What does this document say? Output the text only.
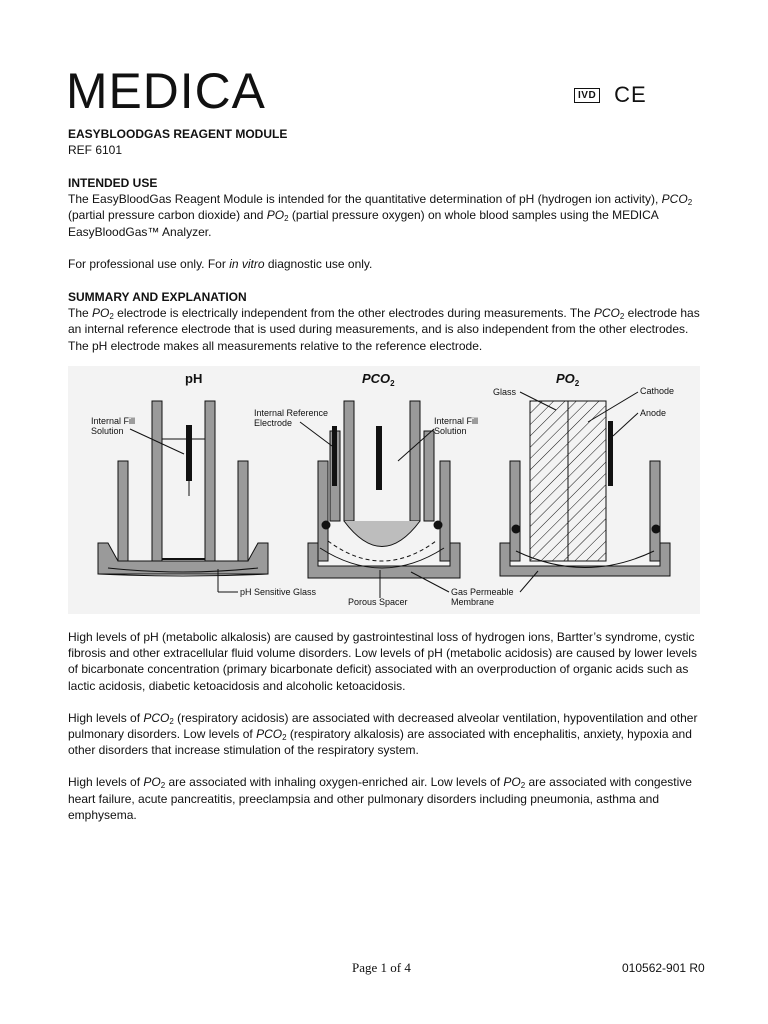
MEDICA	IVD CE
EASYBLOODGAS REAGENT MODULE
REF 6101
INTENDED USE
The EasyBloodGas Reagent Module is intended for the quantitative determination of pH (hydrogen ion activity), $PCO_2$ (partial pressure carbon dioxide) and $PO_2$ (partial pressure oxygen) on whole blood samples using the MEDICA EasyBloodGas™ Analyzer.
For professional use only. For in vitro diagnostic use only.
SUMMARY AND EXPLANATION
The $PO_2$ electrode is electrically independent from the other electrodes during measurements. The $PCO_2$ electrode has an internal reference electrode that is used during measurements, and is also independent from the other electrodes. The pH electrode makes all measurements relative to the reference electrode.
pH	$PCO_2$	$PO_2$
Internal Fill
Solution
Internal Reference
Electrode	Internal Fill
Solution
Glass	Cathode
Anode
pH Sensitive Glass
Porous Spacer
Gas Permeable
Membrane
High levels of pH (metabolic alkalosis) are caused by gastrointestinal loss of hydrogen ions, Bartter’s syndrome, cystic fibrosis and other extracellular fluid volume disorders. Low levels of pH (metabolic acidosis) are caused by lower levels of bicarbonate concentration (primary bicarbonate deficit) associated with an overproduction of organic acids such as lactic acidosis, diabetic ketoacidosis and alcoholic ketoacidosis.
High levels of $PCO_2$ (respiratory acidosis) are associated with decreased alveolar ventilation, hypoventilation and other pulmonary disorders. Low levels of $PCO_2$ (respiratory alkalosis) are associated with encephalitis, anxiety, hypoxia and other disorders that increase stimulation of the respiratory system.
High levels of $PO_2$ are associated with inhaling oxygen-enriched air. Low levels of $PO_2$ are associated with congestive heart failure, acute pancreatitis, preeclampsia and other pulmonary disorders including pneumonia, asthma and emphysema.
Page 1 of 4	010562-901 R0
